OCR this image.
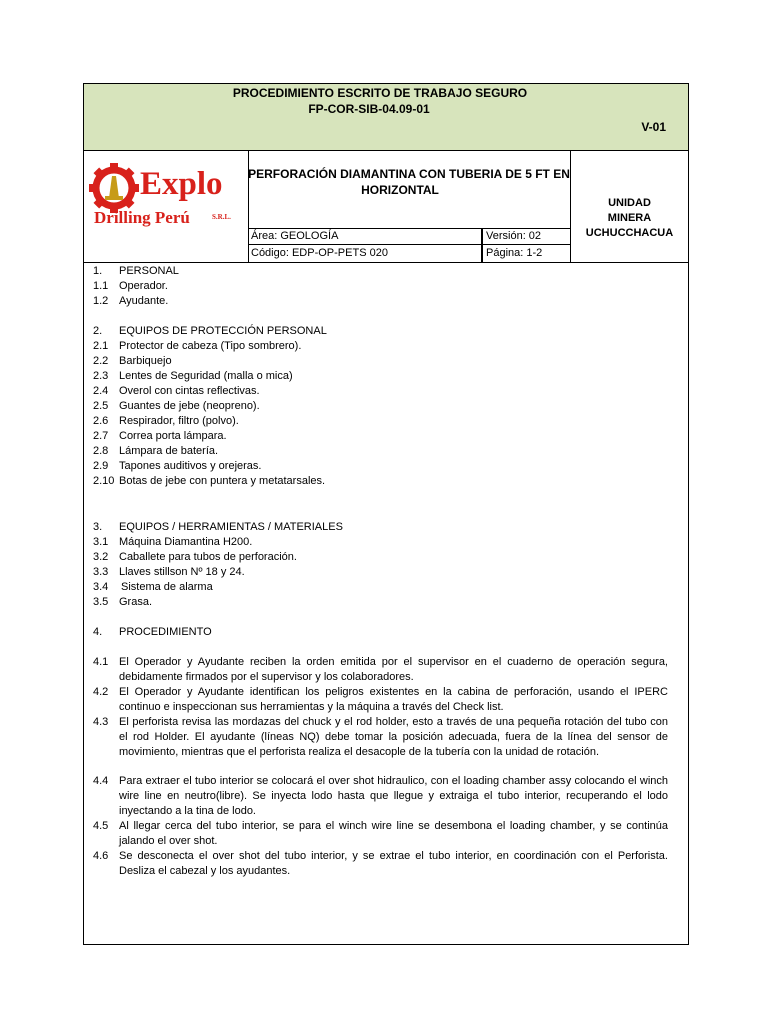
PROCEDIMIENTO ESCRITO DE TRABAJO SEGURO
FP-COR-SIB-04.09-01
V-01
Explo
Drilling Perú	S.R.L.
PERFORACIÓN DIAMANTINA CON TUBERIA DE 5 FT EN
HORIZONTAL
Área: GEOLOGÍA	Versión: 02
Código: EDP-OP-PETS 020	Página: 1-2
UNIDAD
MINERA
UCHUCCHACUA
1. PERSONAL
1.1 Operador.
1.2 Ayudante.
2. EQUIPOS DE PROTECCIÓN PERSONAL
2.1 Protector de cabeza (Tipo sombrero).
2.2 Barbiquejo
2.3 Lentes de Seguridad (malla o mica)
2.4 Overol con cintas reflectivas.
2.5 Guantes de jebe (neopreno).
2.6 Respirador, filtro (polvo).
2.7 Correa porta lámpara.
2.8 Lámpara de batería.
2.9 Tapones auditivos y orejeras.
2.10 Botas de jebe con puntera y metatarsales.
3. EQUIPOS / HERRAMIENTAS / MATERIALES
3.1 Máquina Diamantina H200.
3.2 Caballete para tubos de perforación.
3.3 Llaves stillson Nº 18 y 24.
3.4 Sistema de alarma
3.5 Grasa.
4. PROCEDIMIENTO
4.1 El Operador y Ayudante reciben la orden emitida por el supervisor en el cuaderno de operación segura, debidamente firmados por el supervisor y los colaboradores.
4.2 El Operador y Ayudante identifican los peligros existentes en la cabina de perforación, usando el IPERC continuo e inspeccionan sus herramientas y la máquina a través del Check list.
4.3 El perforista revisa las mordazas del chuck y el rod holder, esto a través de una pequeña rotación del tubo con el rod Holder. El ayudante (líneas NQ) debe tomar la posición adecuada, fuera de la línea del sensor de movimiento, mientras que el perforista realiza el desacople de la tubería con la unidad de rotación.
4.4 Para extraer el tubo interior se colocará el over shot hidraulico, con el loading chamber assy colocando el winch wire line en neutro(libre). Se inyecta lodo hasta que llegue y extraiga el tubo interior, recuperando el lodo inyectando a la tina de lodo.
4.5 Al llegar cerca del tubo interior, se para el winch wire line se desembona el loading chamber, y se continúa jalando el over shot.
4.6 Se desconecta el over shot del tubo interior, y se extrae el tubo interior, en coordinación con el Perforista. Desliza el cabezal y los ayudantes.
